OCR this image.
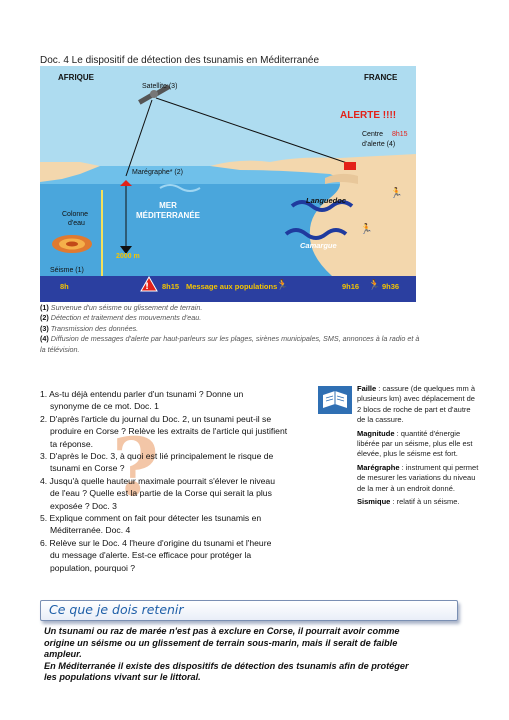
Doc. 4 Le dispositif de détection des tsunamis en Méditerranée
!	🏃	🏃
🏃
🏃
AFRIQUE	FRANCE
Satellite (3)
ALERTE !!!!
Centre 8h15
d'alerte (4)
Marégraphe* (2)
MER
MÉDITERRANÉE
Colonne
d'eau
2000 m
Séisme (1)
8h	8h15 Message aux populations
Languedoc
Camargue
9h16	9h36
(1) Survenue d'un séisme ou glissement de terrain.
(2) Détection et traitement des mouvements d'eau.
(3) Transmission des données.
(4) Diffusion de messages d'alerte par haut-parleurs sur les plages, sirènes municipales, SMS, annonces à la radio et à la télévision.
?

1. As-tu déjà entendu parler d'un tsunami ? Donne un

synonyme de ce mot. Doc. 1

2. D'après l'article du journal du Doc. 2, un tsunami peut-il se

produire en Corse ? Relève les extraits de l'article qui justifient

ta réponse.

3. D'après le Doc. 3, à quoi est lié principalement le risque de

tsunami en Corse ?

4. Jusqu'à quelle hauteur maximale pourrait s'élever le niveau

de l'eau ? Quelle est la partie de la Corse qui serait la plus

exposée ? Doc. 3

5. Explique comment on fait pour détecter les tsunamis en

Méditerranée. Doc. 4

6. Relève sur le Doc. 4 l'heure d'origine du tsunami et l'heure

du message d'alerte. Est-ce efficace pour protéger la

population, pourquoi ?

Faille : cassure (de quelques mm à plusieurs km) avec déplacement de 2 blocs de roche de part et d'autre de la cassure.

Magnitude : quantité d'énergie libérée par un séisme, plus elle est élevée, plus le séisme est fort.

Marégraphe : instrument qui permet de mesurer les variations du niveau de la mer à un endroit donné.

Sismique : relatif à un séisme.

Ce que je dois retenir

Un tsunami ou raz de marée n'est pas à exclure en Corse, il pourrait avoir comme

origine un séisme ou un glissement de terrain sous-marin, mais il serait de faible

ampleur.

En Méditerranée il existe des dispositifs de détection des tsunamis afin de protéger

les populations vivant sur le littoral.
